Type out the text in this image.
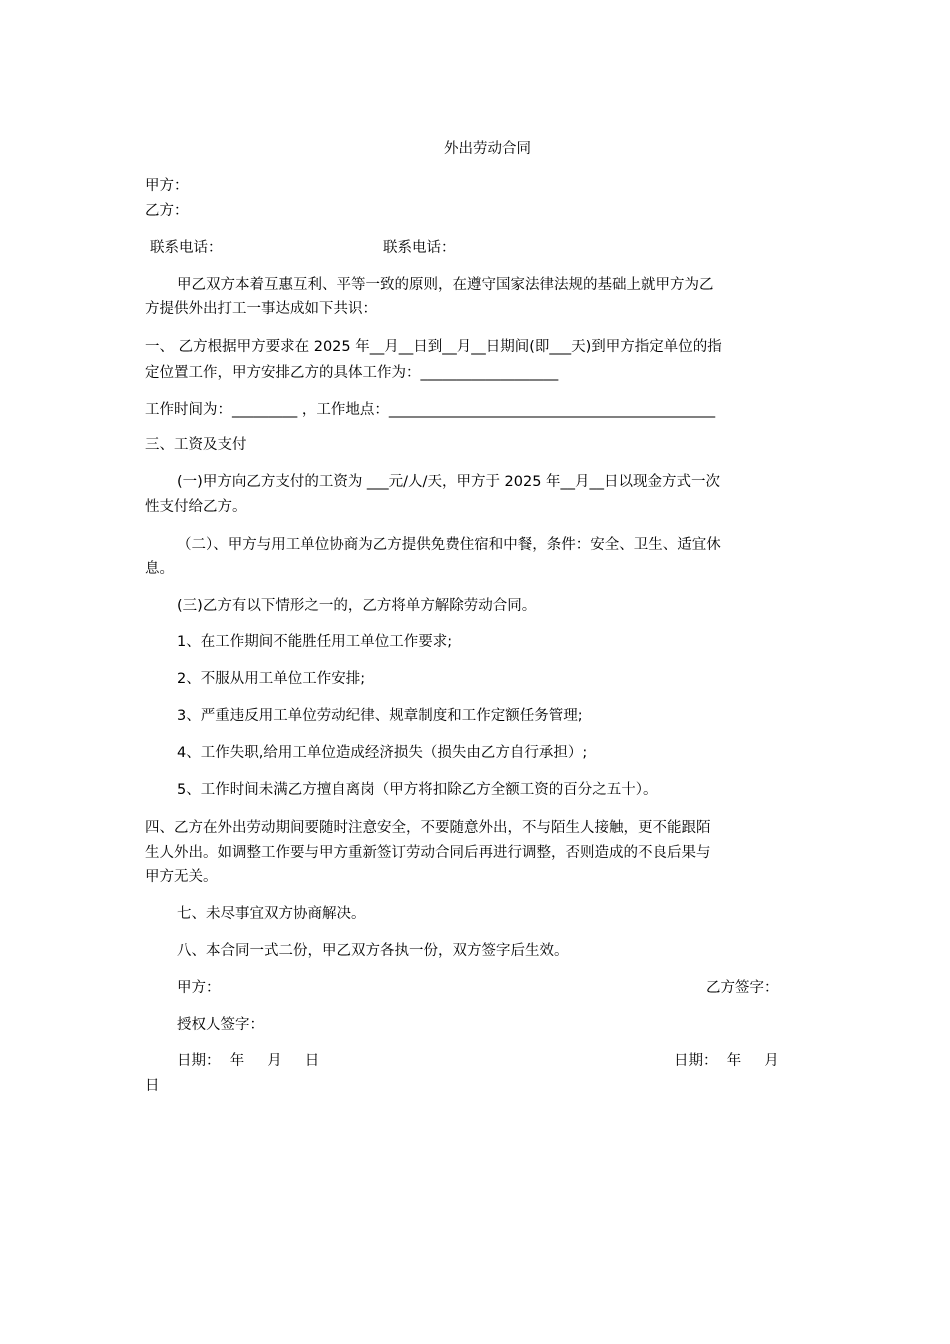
外出劳动合同
甲方：
乙方：
联系电话：	联系电话：
甲乙双方本着互惠互利、平等一致的原则，在遵守国家法律法规的基础上就甲方为乙
方提供外出打工一事达成如下共识：
一、 乙方根据甲方要求在 2025 年__月__日到__月__日期间(即___天)到甲方指定单位的指
定位置工作，甲方安排乙方的具体工作为：___________________
工作时间为：_________ ，工作地点：_____________________________________________
三、工资及支付
(一)甲方向乙方支付的工资为 ___元/人/天，甲方于 2025 年__月__日以现金方式一次
性支付给乙方。
（二）、甲方与用工单位协商为乙方提供免费住宿和中餐，条件：安全、卫生、适宜休
息。
(三)乙方有以下情形之一的，乙方将单方解除劳动合同。
1、在工作期间不能胜任用工单位工作要求;
2、不服从用工单位工作安排;
3、严重违反用工单位劳动纪律、规章制度和工作定额任务管理;
4、工作失职,给用工单位造成经济损失（损失由乙方自行承担）;
5、工作时间未满乙方擅自离岗（甲方将扣除乙方全额工资的百分之五十）。
四、乙方在外出劳动期间要随时注意安全，不要随意外出，不与陌生人接触，更不能跟陌
生人外出。如调整工作要与甲方重新签订劳动合同后再进行调整，否则造成的不良后果与
甲方无关。
七、未尽事宜双方协商解决。
八、本合同一式二份，甲乙双方各执一份，双方签字后生效。
甲方：	乙方签字：
授权人签字：
日期：  年     月     日	日期：  年     月
日
